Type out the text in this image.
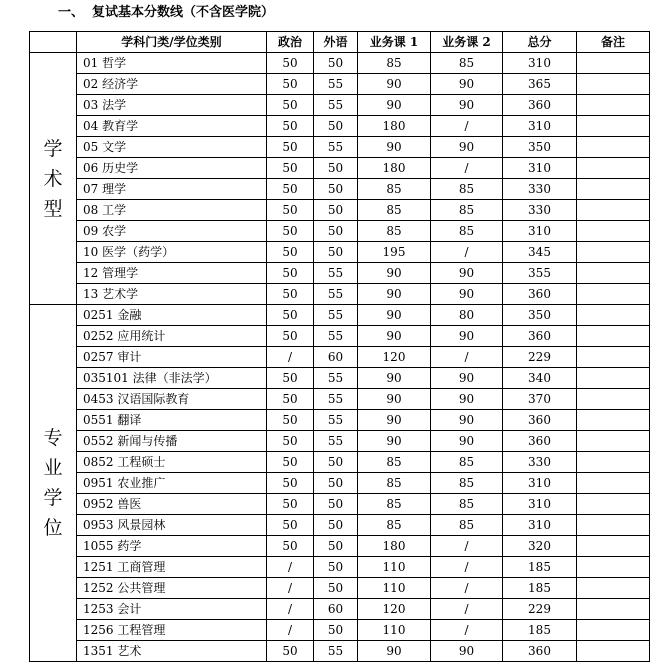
一、 复试基本分数线（不含医学院）
	学科门类/学位类别	政治	外语	业务课 1	业务课 2	总分	备注

学
术
型	01 哲学	50	50	85	85	310	
	02 经济学	50	55	90	90	365	
	03 法学	50	55	90	90	360	
	04 教育学	50	50	180	/	310	
	05 文学	50	55	90	90	350	
	06 历史学	50	50	180	/	310	
	07 理学	50	50	85	85	330	
	08 工学	50	50	85	85	330	
	09 农学	50	50	85	85	310	
	10 医学（药学）	50	50	195	/	345	
	12 管理学	50	55	90	90	355	
	13 艺术学	50	55	90	90	360	

专
业
学
位	0251 金融	50	55	90	80	350	
	0252 应用统计	50	55	90	90	360	
	0257 审计	/	60	120	/	229	
	035101 法律（非法学）	50	55	90	90	340	
	0453 汉语国际教育	50	55	90	90	370	
	0551 翻译	50	55	90	90	360	
	0552 新闻与传播	50	55	90	90	360	
	0852 工程硕士	50	50	85	85	330	
	0951 农业推广	50	50	85	85	310	
	0952 兽医	50	50	85	85	310	
	0953 风景园林	50	50	85	85	310	
	1055 药学	50	50	180	/	320	
	1251 工商管理	/	50	110	/	185	
	1252 公共管理	/	50	110	/	185	
	1253 会计	/	60	120	/	229	
	1256 工程管理	/	50	110	/	185	
	1351 艺术	50	55	90	90	360	
